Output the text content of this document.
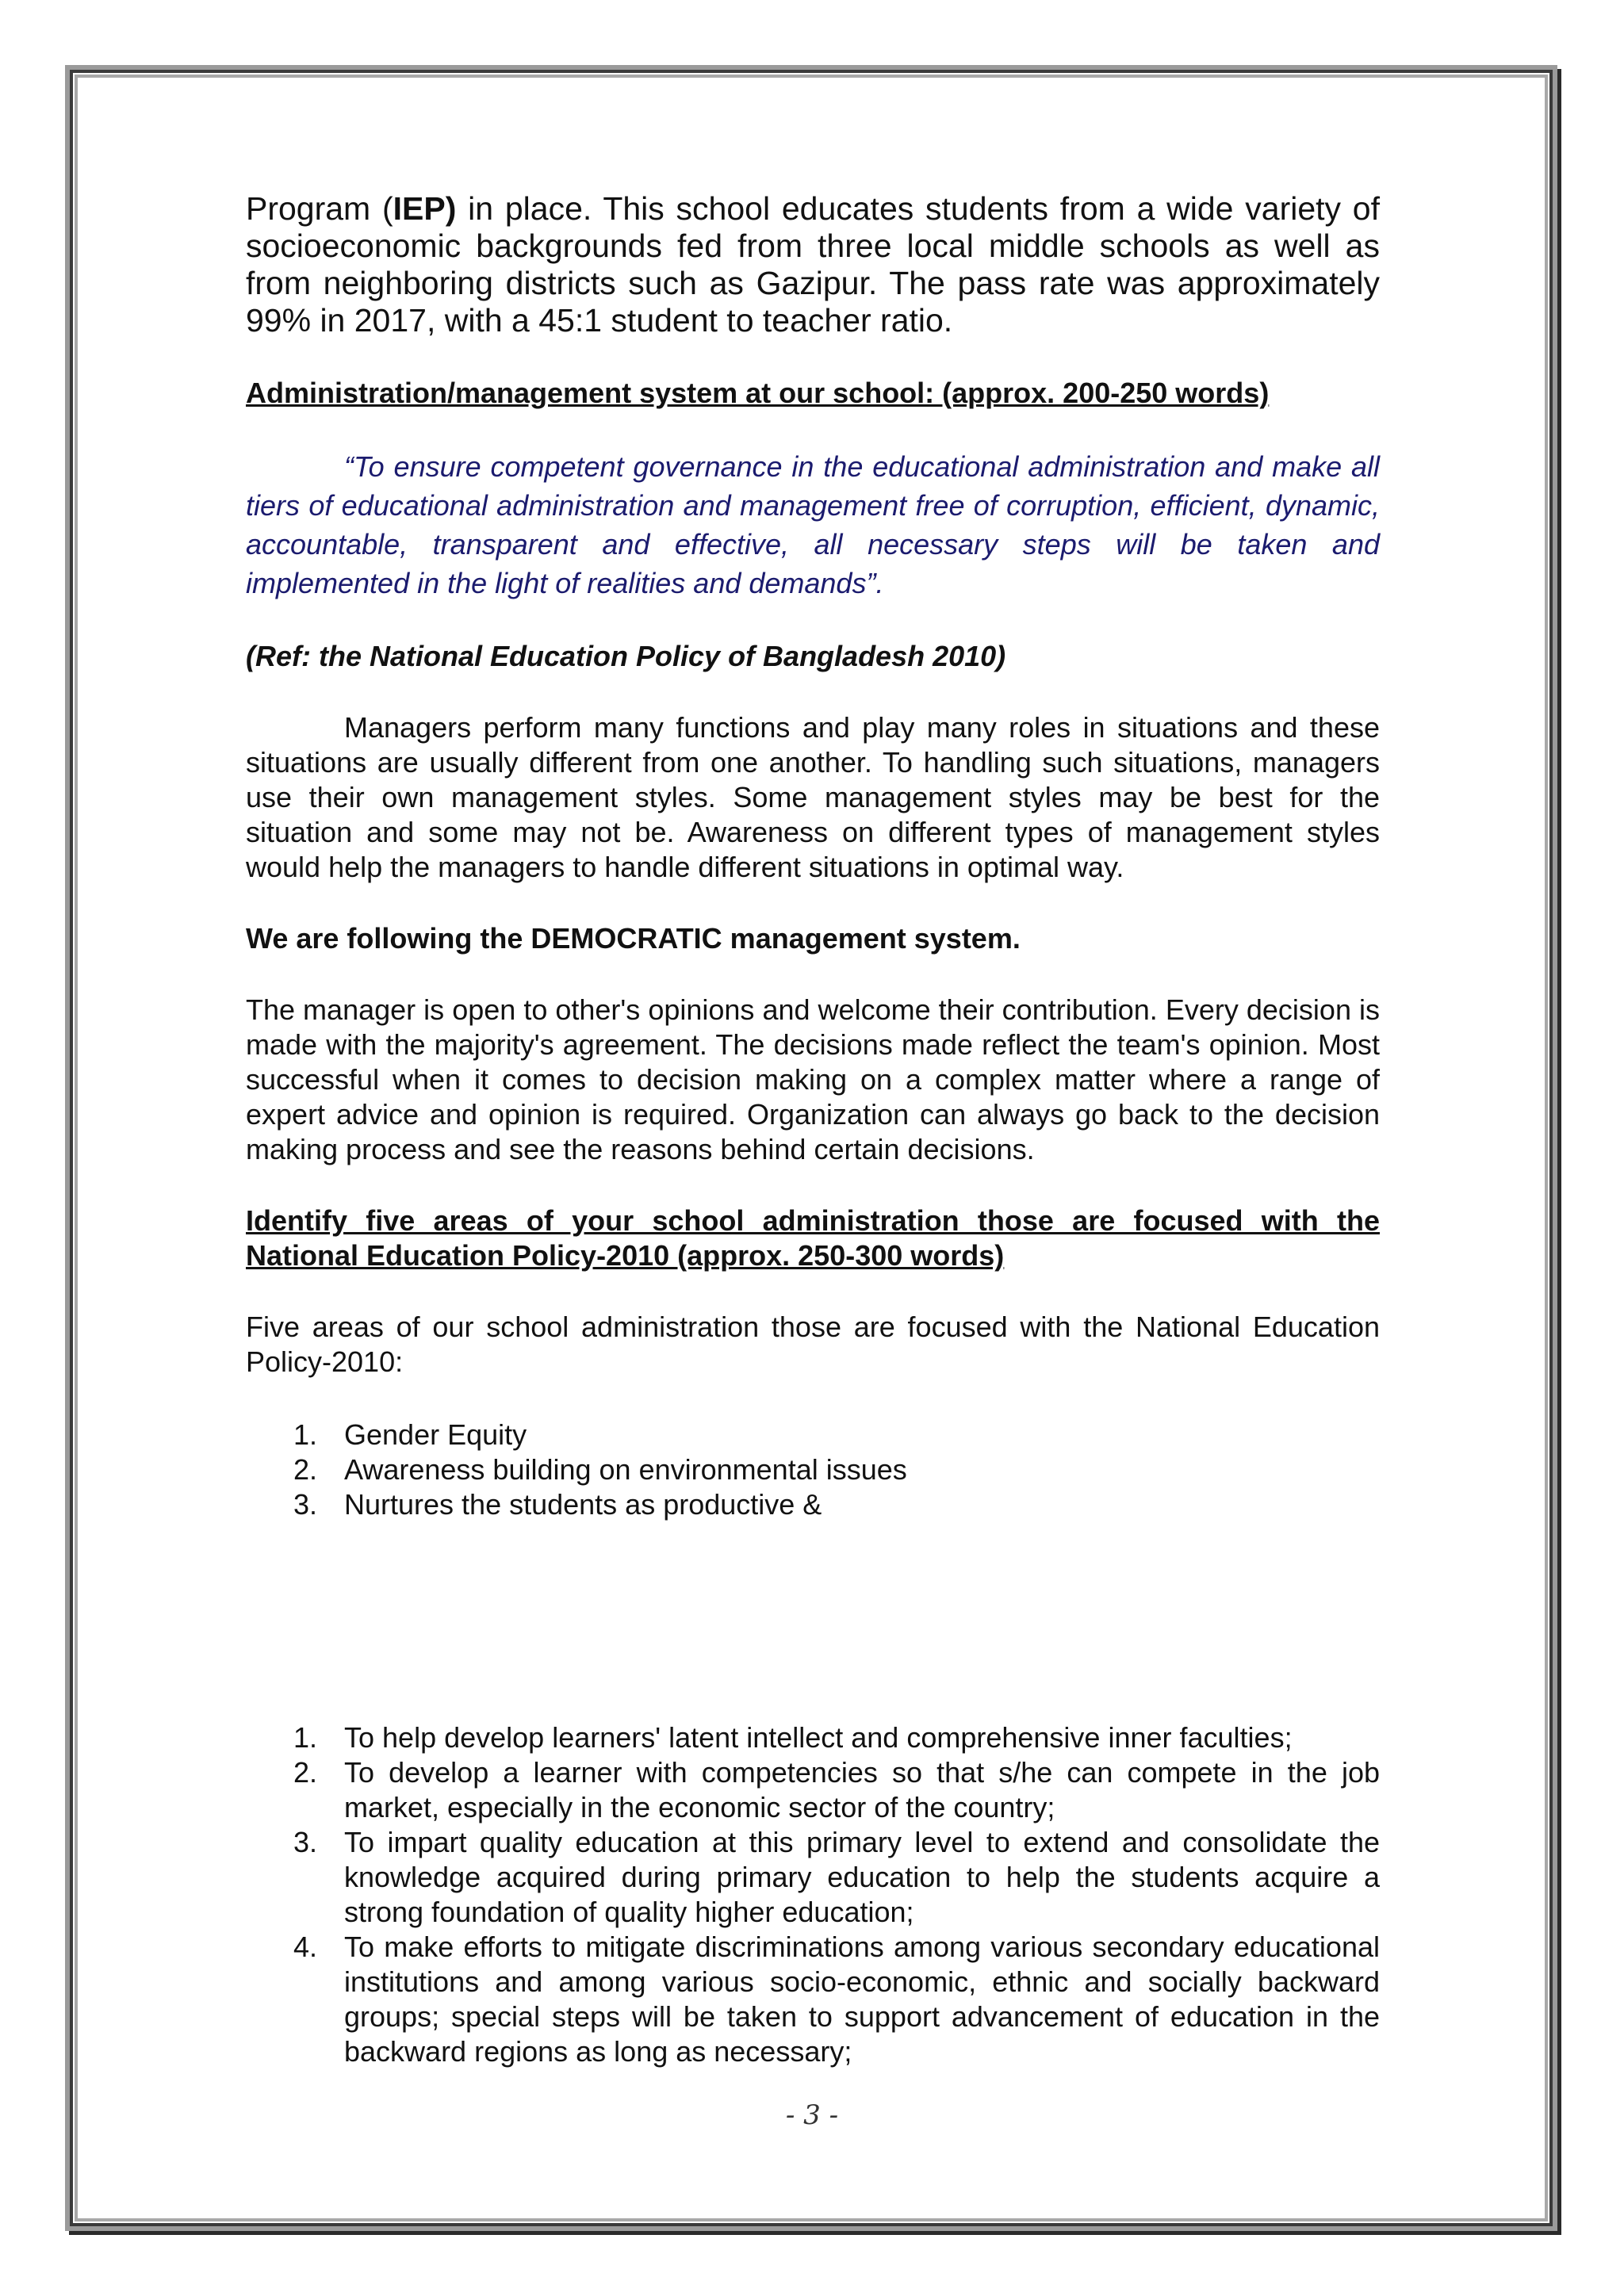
Program (IEP) in place. This school educates students from a wide variety of socioeconomic backgrounds fed from three local middle schools as well as from neighboring districts such as Gazipur. The pass rate was approximately 99% in 2017, with a 45:1 student to teacher ratio.

Administration/management system at our school: (approx. 200-250 words)

“To ensure competent governance in the educational administration and make all tiers of educational administration and management free of corruption, efficient, dynamic, accountable, transparent and effective, all necessary steps will be taken and implemented in the light of realities and demands”.

(Ref: the National Education Policy of Bangladesh 2010)

Managers perform many functions and play many roles in situations and these situations are usually different from one another. To handling such situations, managers use their own management styles. Some management styles may be best for the situation and some may not be. Awareness on different types of management styles would help the managers to handle different situations in optimal way.

We are following the DEMOCRATIC management system.

The manager is open to other's opinions and welcome their contribution. Every decision is made with the majority's agreement. The decisions made reflect the team's opinion. Most successful when it comes to decision making on a complex matter where a range of expert advice and opinion is required. Organization can always go back to the decision making process and see the reasons behind certain decisions.

Identify five areas of your school administration those are focused with the National Education Policy-2010 (approx. 250-300 words)

Five areas of our school administration those are focused with the National Education Policy-2010:

1. Gender Equity
2. Awareness building on environmental issues
3. Nurtures the students as productive &
1. To help develop learners' latent intellect and comprehensive inner faculties;
2. To develop a learner with competencies so that s/he can compete in the job market, especially in the economic sector of the country;
3. To impart quality education at this primary level to extend and consolidate the knowledge acquired during primary education to help the students acquire a strong foundation of quality higher education;
4. To make efforts to mitigate discriminations among various secondary educational institutions and among various socio-economic, ethnic and socially backward groups; special steps will be taken to support advancement of education in the backward regions as long as necessary;
- 3 -
